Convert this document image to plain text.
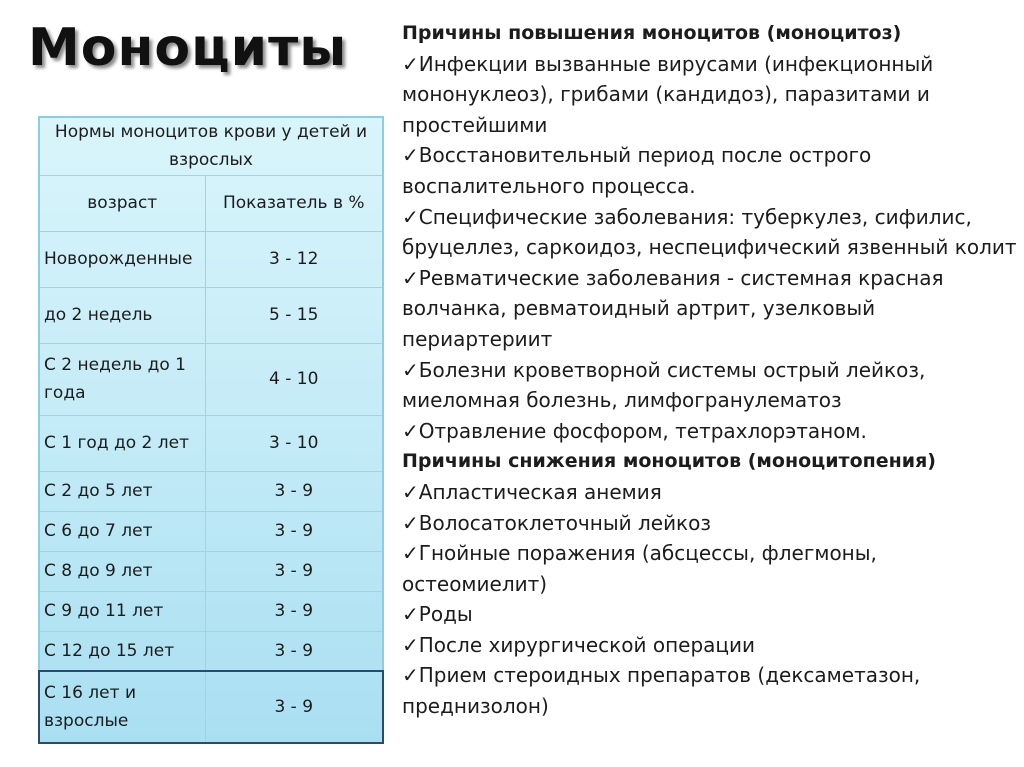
Моноциты
Нормы моноцитов крови у детей и взрослых	
возраст	Показатель в %
Новорожденные	3 - 12
до 2 недель	5 - 15
С 2 недель до 1 года	4 - 10
С 1 год до 2 лет	3 - 10
С 2 до 5 лет	3 - 9
С 6 до 7 лет	3 - 9
С 8 до 9 лет	3 - 9
С 9 до 11 лет	3 - 9
С 12 до 15 лет	3 - 9
С 16 лет и взрослые	3 - 9
Причины повышения моноцитов (моноцитоз)
✓ Инфекции вызванные вирусами (инфекционный мононуклеоз), грибами (кандидоз), паразитами и простейшими
✓ Восстановительный период после острого воспалительного процесса.
✓ Специфические заболевания: туберкулез, сифилис, бруцеллез, саркоидоз, неспецифический язвенный колит
✓ Ревматические заболевания - системная красная волчанка, ревматоидный артрит, узелковый периартериит
✓ Болезни кроветворной системы острый лейкоз, миеломная болезнь, лимфогранулематоз
✓ Отравление фосфором, тетрахлорэтаном.
Причины снижения моноцитов (моноцитопения)
✓ Апластическая анемия
✓ Волосатоклеточный лейкоз
✓ Гнойные поражения (абсцессы, флегмоны, остеомиелит)
✓ Роды
✓ После хирургической операции
✓ Прием стероидных препаратов (дексаметазон, преднизолон)
